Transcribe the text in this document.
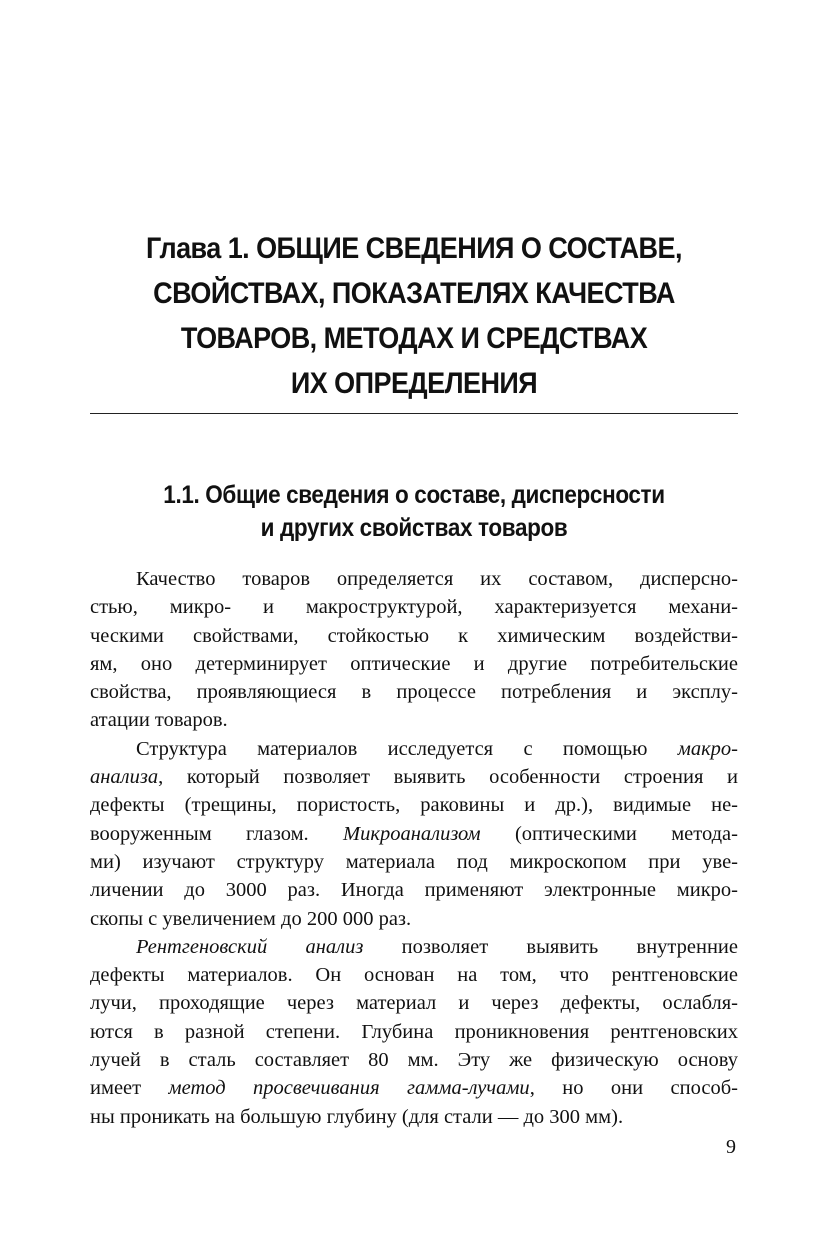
Глава 1. ОБЩИЕ СВЕДЕНИЯ О СОСТАВЕ,
СВОЙСТВАХ, ПОКАЗАТЕЛЯХ КАЧЕСТВА
ТОВАРОВ, МЕТОДАХ И СРЕДСТВАХ
ИХ ОПРЕДЕЛЕНИЯ
1.1. Общие сведения о составе, дисперсности
и других свойствах товаров
Качество товаров определяется их составом, дисперсно-
стью, микро- и макроструктурой, характеризуется механи-
ческими свойствами, стойкостью к химическим воздействи-
ям, оно детерминирует оптические и другие потребительские
свойства, проявляющиеся в процессе потребления и эксплу-
атации товаров.
Структура материалов исследуется с помощью макро-
анализа, который позволяет выявить особенности строения и
дефекты (трещины, пористость, раковины и др.), видимые не-
вооруженным глазом. Микроанализом (оптическими метода-
ми) изучают структуру материала под микроскопом при уве-
личении до 3000 раз. Иногда применяют электронные микро-
скопы с увеличением до 200 000 раз.
Рентгеновский анализ позволяет выявить внутренние
дефекты материалов. Он основан на том, что рентгеновские
лучи, проходящие через материал и через дефекты, ослабля-
ются в разной степени. Глубина проникновения рентгеновских
лучей в сталь составляет 80 мм. Эту же физическую основу
имеет метод просвечивания гамма-лучами, но они способ-
ны проникать на большую глубину (для стали — до 300 мм).
9
